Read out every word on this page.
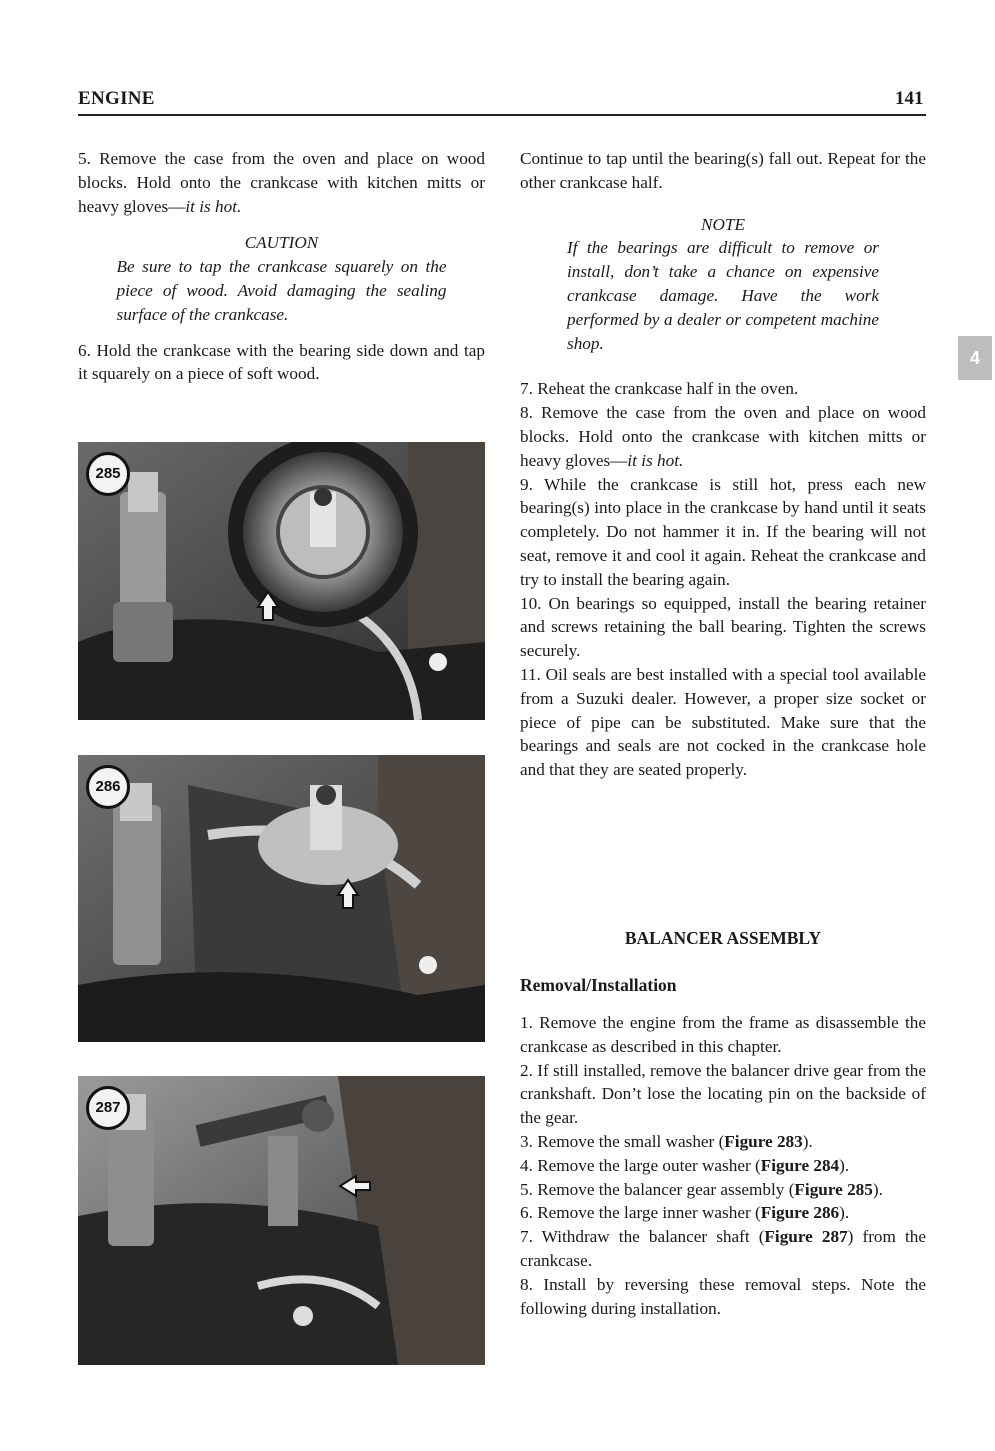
ENGINE	141
4

5. Remove the case from the oven and place on wood blocks. Hold onto the crankcase with kitchen mitts or heavy gloves—it is hot.

CAUTION
Be sure to tap the crankcase squarely on the piece of wood. Avoid damaging the sealing surface of the crankcase.

6. Hold the crankcase with the bearing side down and tap it squarely on a piece of soft wood.

285
286
287

Continue to tap until the bearing(s) fall out. Repeat for the other crankcase half.

NOTE
If the bearings are difficult to remove or install, don’t take a chance on expensive crankcase damage. Have the work performed by a dealer or competent machine shop.

7. Reheat the crankcase half in the oven.

8. Remove the case from the oven and place on wood blocks. Hold onto the crankcase with kitchen mitts or heavy gloves—it is hot.

9. While the crankcase is still hot, press each new bearing(s) into place in the crankcase by hand until it seats completely. Do not hammer it in. If the bearing will not seat, remove it and cool it again. Reheat the crankcase and try to install the bearing again.

10. On bearings so equipped, install the bearing retainer and screws retaining the ball bearing. Tighten the screws securely.

11. Oil seals are best installed with a special tool available from a Suzuki dealer. However, a proper size socket or piece of pipe can be substituted. Make sure that the bearings and seals are not cocked in the crankcase hole and that they are seated properly.

BALANCER ASSEMBLY
Removal/Installation

1. Remove the engine from the frame as disassemble the crankcase as described in this chapter.

2. If still installed, remove the balancer drive gear from the crankshaft. Don’t lose the locating pin on the backside of the gear.

3. Remove the small washer (Figure 283).

4. Remove the large outer washer (Figure 284).

5. Remove the balancer gear assembly (Figure 285).

6. Remove the large inner washer (Figure 286).

7. Withdraw the balancer shaft (Figure 287) from the crankcase.

8. Install by reversing these removal steps. Note the following during installation.
